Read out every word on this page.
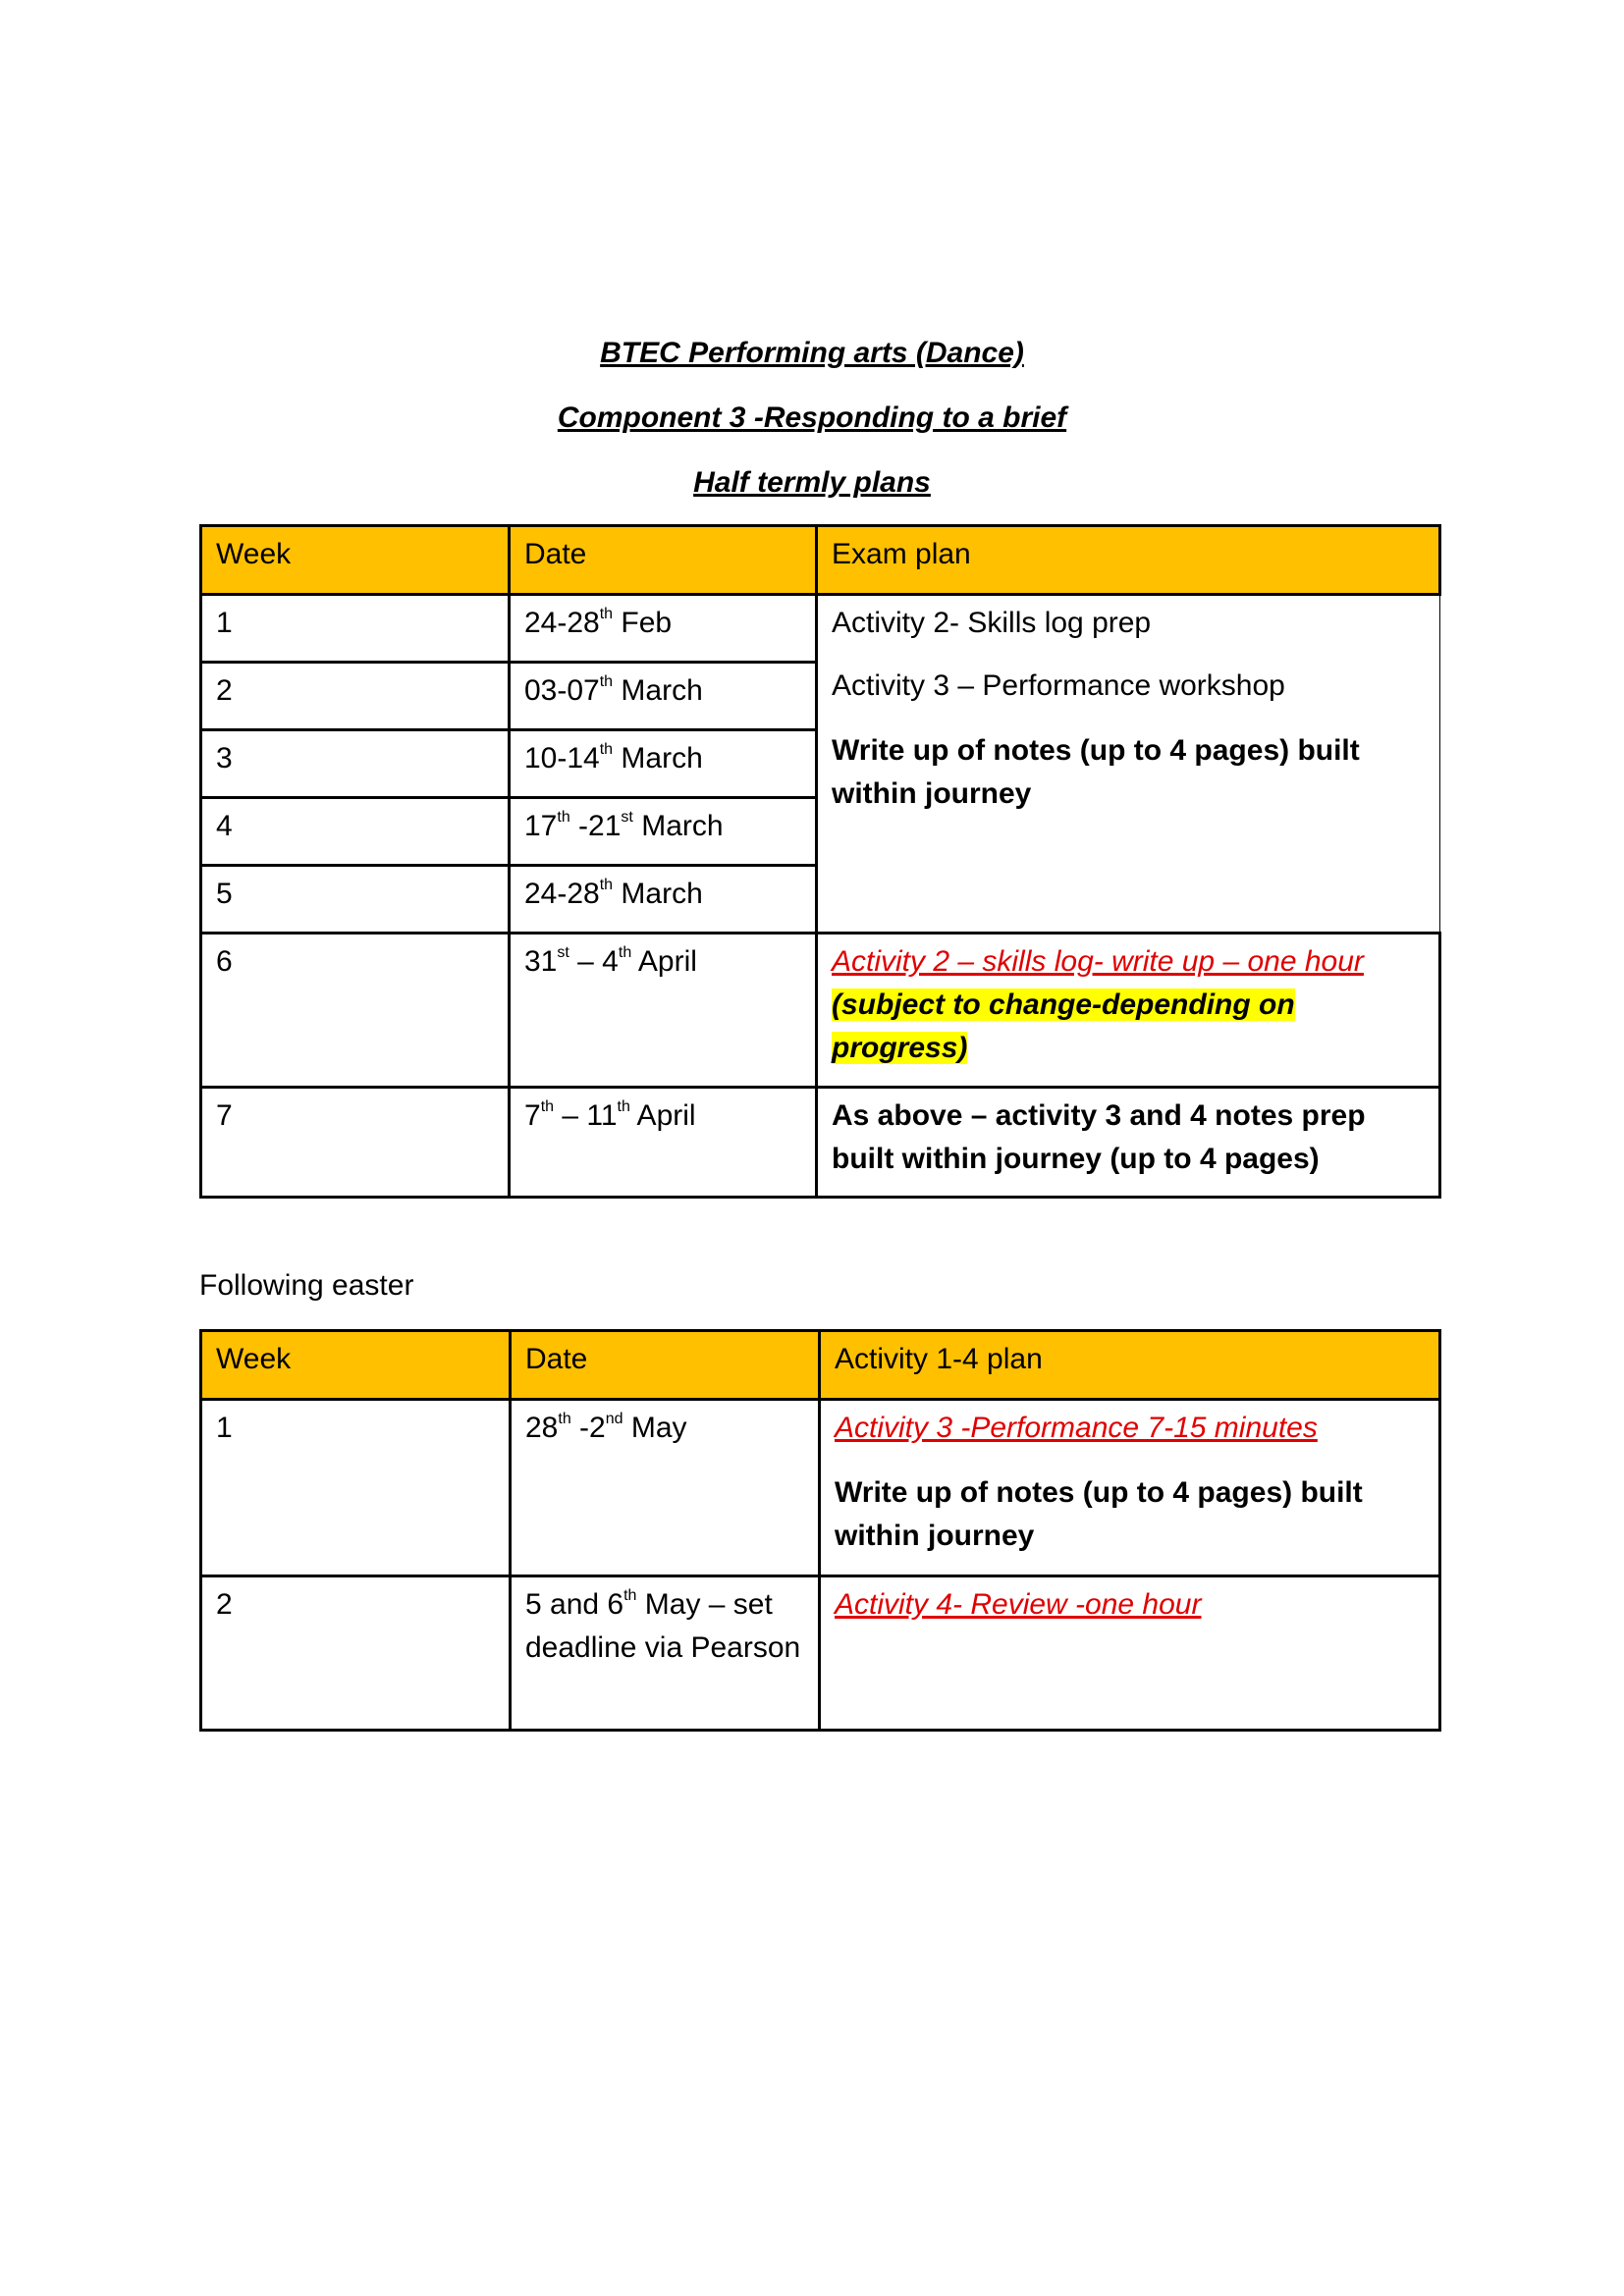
BTEC Performing arts (Dance)
Component 3 -Responding to a brief
Half termly plans
Week	Date	Exam plan
1	24-28th Feb	Activity 2- Skills log prep

Activity 3 – Performance workshop

Write up of notes (up to 4 pages) built within journey

2	03-07th March	
3	10-14th March	
4	17th -21st March	
5	24-28th March	
6	31st – 4th April	Activity 2 – skills log- write up – one hour
(subject to change-depending on progress)
7	7th – 11th April	As above – activity 3 and 4 notes prep built within journey (up to 4 pages)
Following easter
Week	Date	Activity 1-4 plan
1	28th -2nd May	Activity 3 -Performance 7-15 minutes

Write up of notes (up to 4 pages) built within journey

2	5 and 6th May – set deadline via Pearson	Activity 4- Review -one hour
